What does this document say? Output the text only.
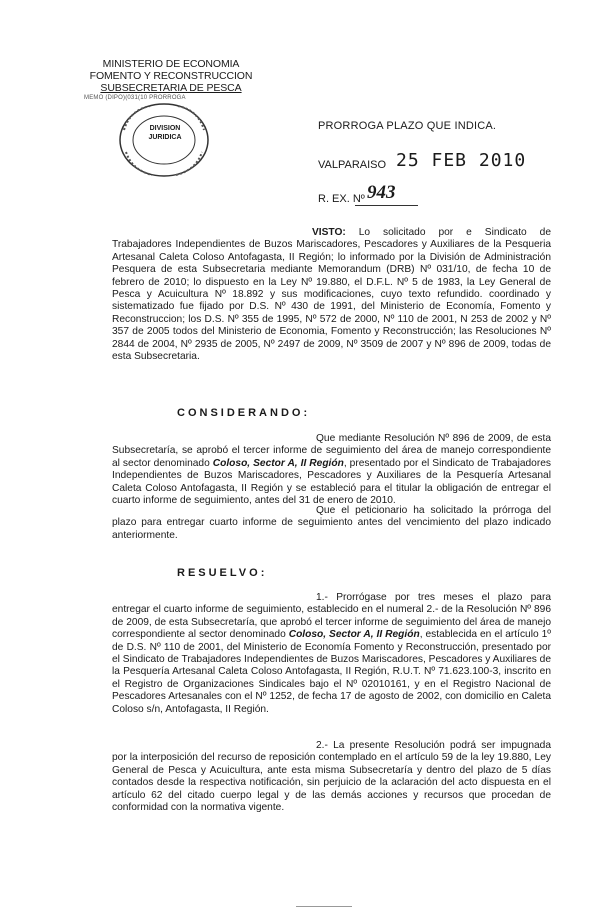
MINISTERIO DE ECONOMIA
FOMENTO Y RECONSTRUCCION
SUBSECRETARIA DE PESCA
MEMO (DIPO)(031(10 PRORROGA
DIVISION
JURIDICA
PRORROGA PLAZO QUE INDICA.
VALPARAISO 25 FEB 2010
R. EX. Nº 943
VISTO: Lo solicitado por e Sindicato de Trabajadores Independientes de Buzos Mariscadores, Pescadores y Auxiliares de la Pesqueria Artesanal Caleta Coloso Antofagasta, II Región; lo informado por la División de Administración Pesquera de esta Subsecretaria mediante Memorandum (DRB) Nº 031/10, de fecha 10 de febrero de 2010; lo dispuesto en la Ley Nº 19.880, el D.F.L. Nº 5 de 1983, la Ley General de Pesca y Acuicultura Nº 18.892 y sus modificaciones, cuyo texto refundido. coordinado y sistematizado fue fijado por D.S. Nº 430 de 1991, del Ministerio de Economía, Fomento y Reconstruccion; los D.S. Nº 355 de 1995, Nº 572 de 2000, Nº 110 de 2001, N 253 de 2002 y Nº 357 de 2005 todos del Ministerio de Economia, Fomento y Reconstrucción; las Resoluciones Nº 2844 de 2004, Nº 2935 de 2005, Nº 2497 de 2009, Nº 3509 de 2007 y Nº 896 de 2009, todas de esta Subsecretaria.
CONSIDERANDO:
Que mediante Resolución Nº 896 de 2009, de esta Subsecretaría, se aprobó el tercer informe de seguimiento del área de manejo correspondiente al sector denominado Coloso, Sector A, II Región, presentado por el Sindicato de Trabajadores Independientes de Buzos Mariscadores, Pescadores y Auxiliares de la Pesquería Artesanal Caleta Coloso Antofagasta, II Región y se estableció para el titular la obligación de entregar el cuarto informe de seguimiento, antes del 31 de enero de 2010.
Que el peticionario ha solicitado la prórroga del plazo para entregar cuarto informe de seguimiento antes del vencimiento del plazo indicado anteriormente.
RESUELVO:
1.- Prorrógase por tres meses el plazo para entregar el cuarto informe de seguimiento, establecido en el numeral 2.- de la Resolución Nº 896 de 2009, de esta Subsecretaría, que aprobó el tercer informe de seguimiento del área de manejo correspondiente al sector denominado Coloso, Sector A, II Región, establecida en el artículo 1º de D.S. Nº 110 de 2001, del Ministerio de Economía Fomento y Reconstrucción, presentado por el Sindicato de Trabajadores Independientes de Buzos Mariscadores, Pescadores y Auxiliares de la Pesquería Artesanal Caleta Coloso Antofagasta, II Región, R.U.T. Nº 71.623.100-3, inscrito en el Registro de Organizaciones Sindicales bajo el Nº 02010161, y en el Registro Nacional de Pescadores Artesanales con el Nº 1252, de fecha 17 de agosto de 2002, con domicilio en Caleta Coloso s/n, Antofagasta, II Región.
2.- La presente Resolución podrá ser impugnada por la interposición del recurso de reposición contemplado en el artículo 59 de la ley 19.880, Ley General de Pesca y Acuicultura, ante esta misma Subsecretaría y dentro del plazo de 5 días contados desde la respectiva notificación, sin perjuicio de la aclaración del acto dispuesta en el artículo 62 del citado cuerpo legal y de las demás acciones y recursos que procedan de conformidad con la normativa vigente.
